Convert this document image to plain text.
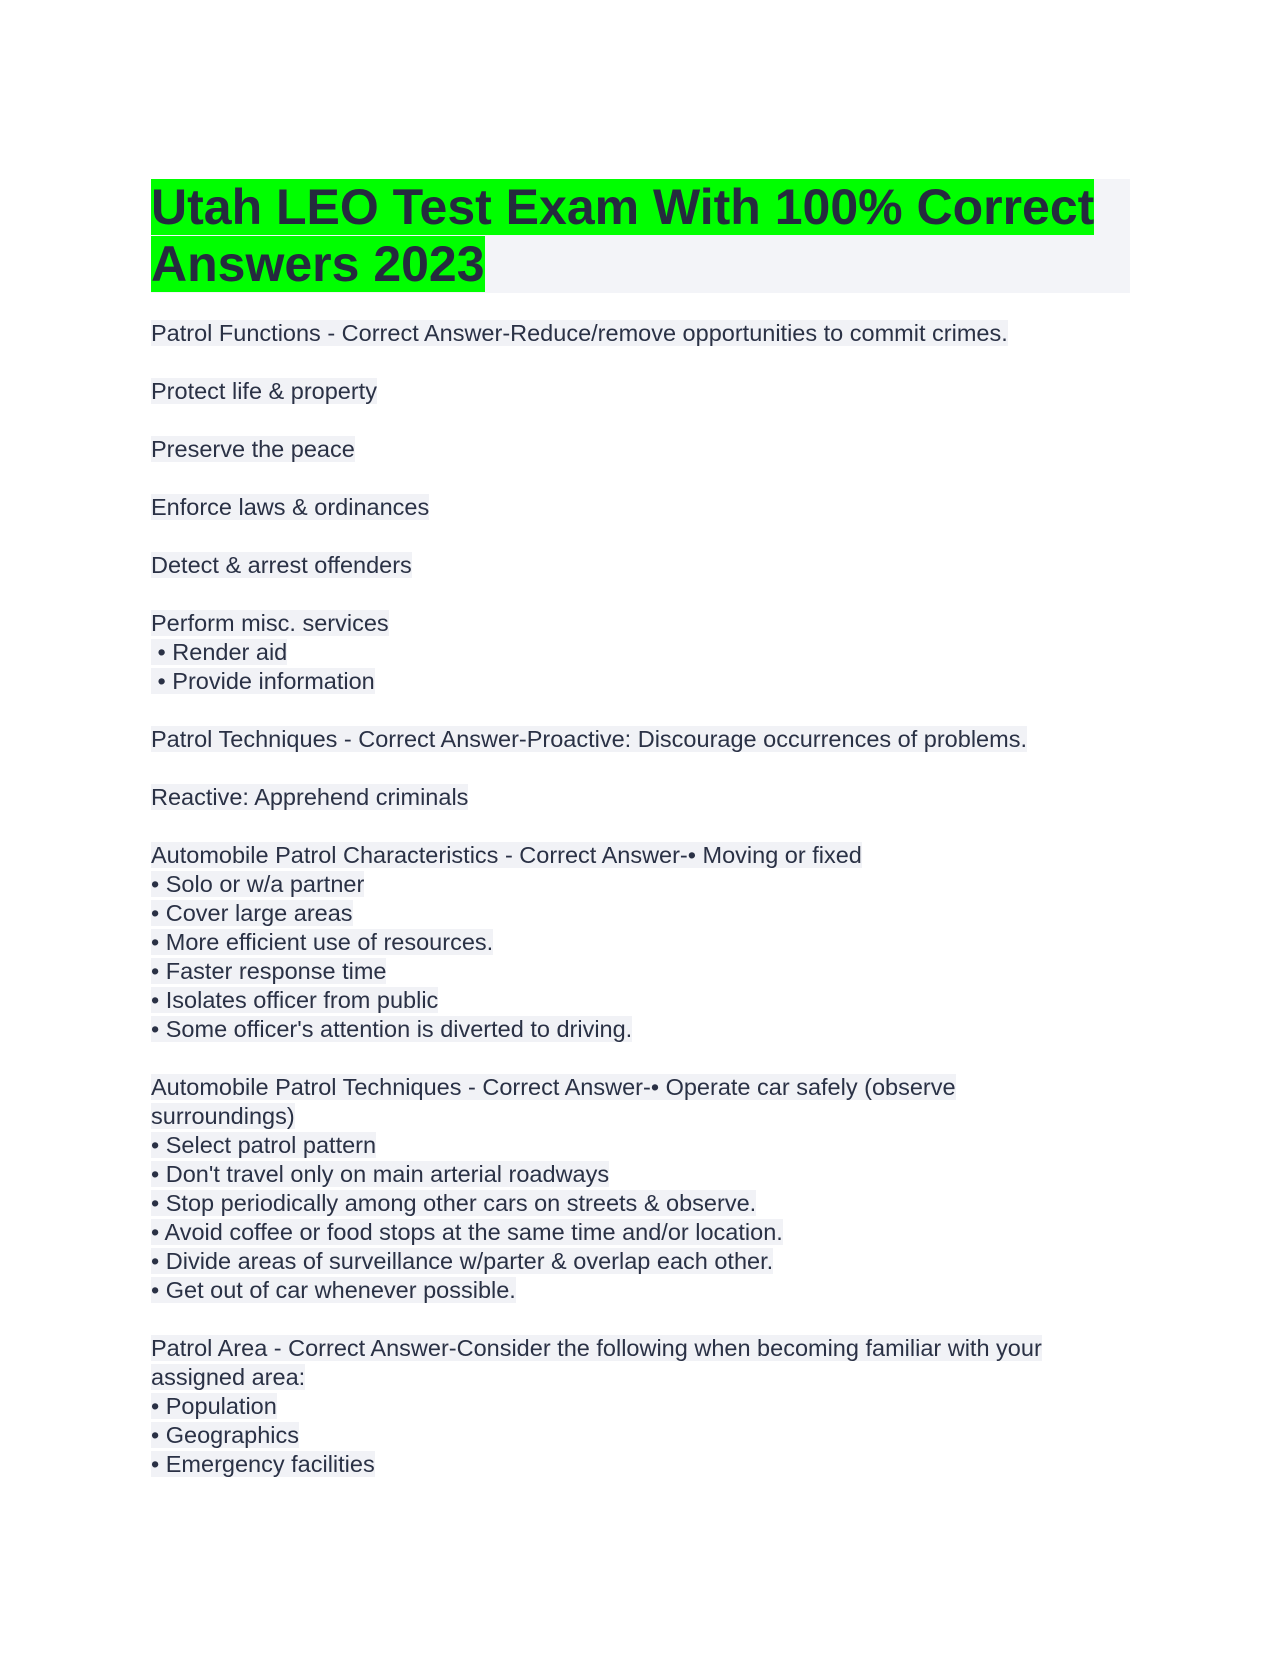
Utah LEO Test Exam With 100% Correct
Answers 2023
Patrol Functions - Correct Answer-Reduce/remove opportunities to commit crimes.
Protect life & property
Preserve the peace
Enforce laws & ordinances
Detect & arrest offenders
Perform misc. services
• Render aid
• Provide information
Patrol Techniques - Correct Answer-Proactive: Discourage occurrences of problems.
Reactive: Apprehend criminals
Automobile Patrol Characteristics - Correct Answer-• Moving or fixed
• Solo or w/a partner
• Cover large areas
• More efficient use of resources.
• Faster response time
• Isolates officer from public
• Some officer's attention is diverted to driving.
Automobile Patrol Techniques - Correct Answer-• Operate car safely (observe
surroundings)
• Select patrol pattern
• Don't travel only on main arterial roadways
• Stop periodically among other cars on streets & observe.
• Avoid coffee or food stops at the same time and/or location.
• Divide areas of surveillance w/parter & overlap each other.
• Get out of car whenever possible.
Patrol Area - Correct Answer-Consider the following when becoming familiar with your
assigned area:
• Population
• Geographics
• Emergency facilities
